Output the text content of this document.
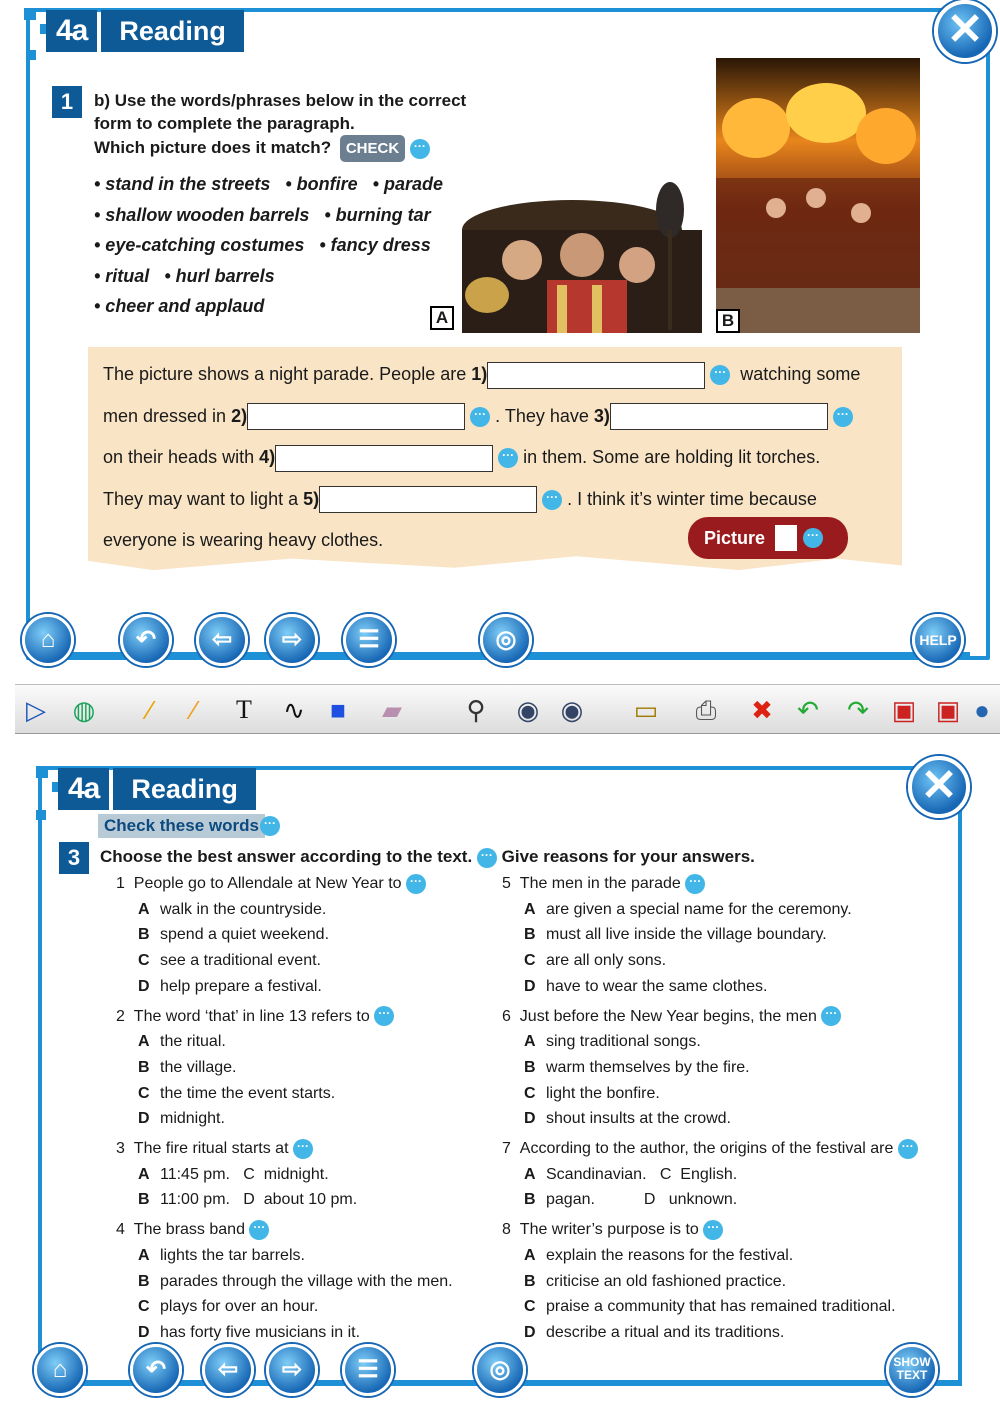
4a	Reading	✕
1	b) Use the words/phrases below in the correct
form to complete the paragraph.
Which picture does it match? CHECK ···
• stand in the streets   • bonfire   • parade
• shallow wooden barrels   • burning tar
• eye-catching costumes   • fancy dress
• ritual   • hurl barrels
• cheer and applaud
A	B
The picture shows a night parade. People are 1)	··· watching some
men dressed in 2)	··· . They have 3)	···
on their heads with 4)	··· in them. Some are holding lit torches.
They may want to light a 5)	··· . I think it’s winter time because
everyone is wearing heavy clothes.	Picture	···
⌂	↶	⇦	⇨	☰	◎	HELP
▷ ◍	⁄	⁄	T	∿ ■	▰ ⚲ ◉ ◉ ▭ ⎙ ✖ ↶ ↷ ▣ ▣ ●
4a	Reading	✕
Check these words ···
3	Choose the best answer according to the text. ··· Give reasons for your answers.
1  People go to Allendale at New Year to ···
A walk in the countryside.
B spend a quiet weekend.
C see a traditional event.
D help prepare a festival.
2  The word ‘that’ in line 13 refers to ···
A the ritual.
B the village.
C the time the event starts.
D midnight.
3  The fire ritual starts at ···
A 11:45 pm.   C  midnight.
B 11:00 pm.   D  about 10 pm.
4  The brass band ···
A lights the tar barrels.
B parades through the village with the men.
C plays for over an hour.
D has forty five musicians in it.
5  The men in the parade ···
A are given a special name for the ceremony.
B must all live inside the village boundary.
C are all only sons.
D have to wear the same clothes.
6  Just before the New Year begins, the men ···
A sing traditional songs.
B warm themselves by the fire.
C light the bonfire.
D shout insults at the crowd.
7  According to the author, the origins of the festival are ···
A Scandinavian.   C  English.
B pagan.           D   unknown.
8  The writer’s purpose is to ···
A explain the reasons for the festival.
B criticise an old fashioned practice.
C praise a community that has remained traditional.
D describe a ritual and its traditions.
⌂	↶	⇦	⇨	☰	◎	SHOW TEXT
